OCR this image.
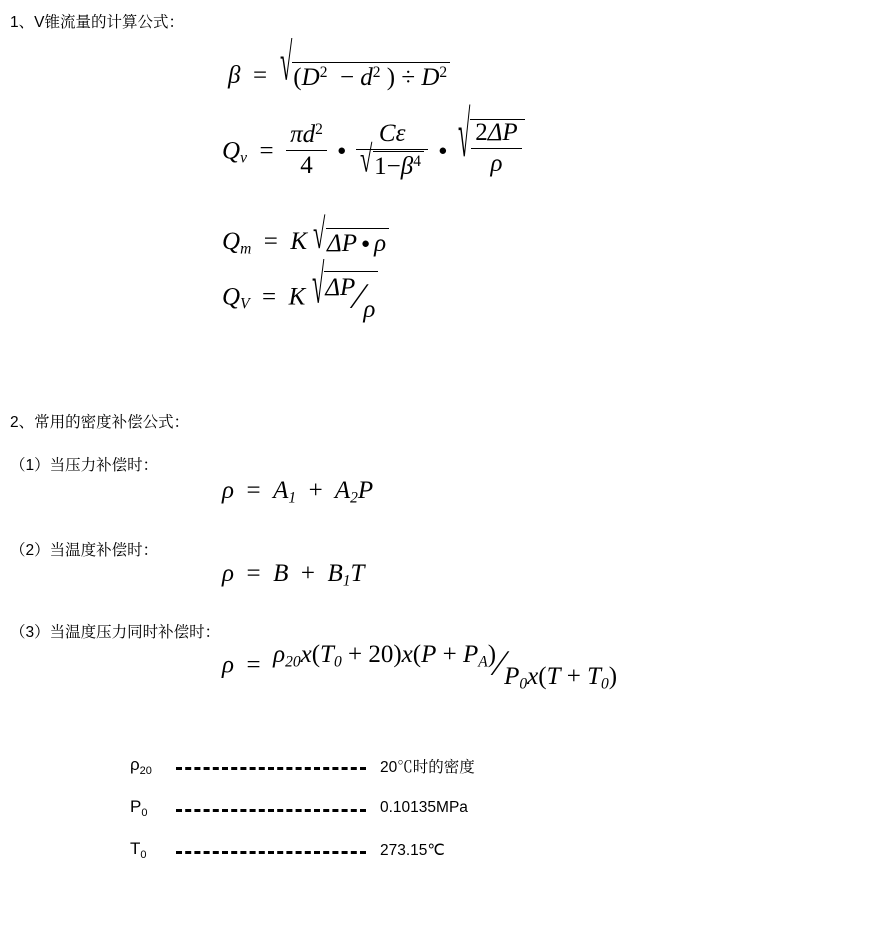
1、V锥流量的计算公式：
$\beta = √(D^2 - d^2$ ) ÷ $D^2$
$Q_v = \frac{\pi d^2}{4}$ ● $\frac{C\varepsilon}{√1-\beta^4}$ ● √ $\frac{2\Delta P}{\rho}$
$Q_m = K$ √ΔP ● ρ
$Q_V = K$ √ΔP∕ρ
2、常用的密度补偿公式：
（1）当压力补偿时：
$\rho = A_1 + A_2P$
（2）当温度补偿时：
$\rho = B + B_1T$
（3）当温度压力同时补偿时：
$\rho = \rho_{20}x(T_0 + 20)x(P$ + $P_A)∕P_0x(T + T_0)$
$\rho_{20}$	20℃时的密度
$P_0$	0.10135MPa
$T_0$	273.15℃
